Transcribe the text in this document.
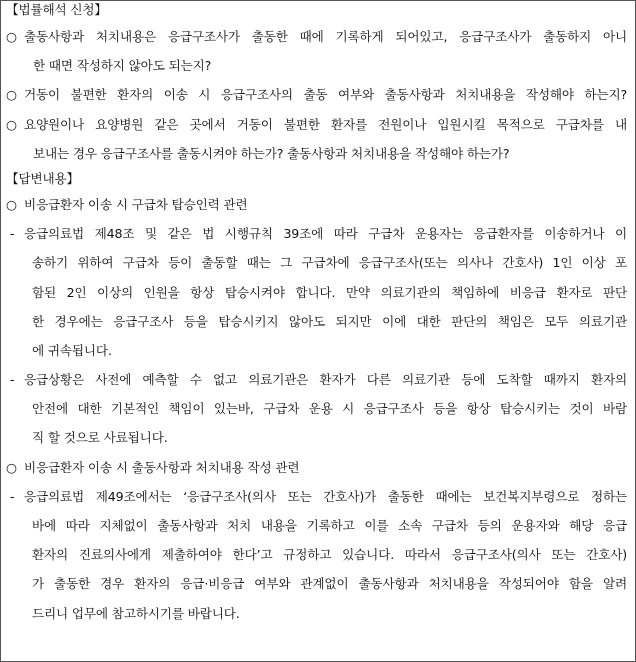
【법률해석 신청】
○ 출동사항과 처치내용은 응급구조사가 출동한 때에 기록하게 되어있고, 응급구조사가 출동하지 아니
한 때면 작성하지 않아도 되는지?
○ 거동이 불편한 환자의 이송 시 응급구조사의 출동 여부와 출동사항과 처치내용을 작성해야 하는지?
○ 요양원이나 요양병원 같은 곳에서 거동이 불편한 환자를 전원이나 입원시킬 목적으로 구급차를 내
보내는 경우 응급구조사를 출동시켜야 하는가? 출동사항과 처치내용을 작성해야 하는가?
【답변내용】
○ 비응급환자 이송 시 구급차 탑승인력 관련
- 응급의료법 제48조 및 같은 법 시행규칙 39조에 따라 구급차 운용자는 응급환자를 이송하거나 이
송하기 위하여 구급차 등이 출동할 때는 그 구급차에 응급구조사(또는 의사나 간호사) 1인 이상 포
함된 2인 이상의 인원을 항상 탑승시켜야 합니다. 만약 의료기관의 책임하에 비응급 환자로 판단
한 경우에는 응급구조사 등을 탑승시키지 않아도 되지만 이에 대한 판단의 책임은 모두 의료기관
에 귀속됩니다.
- 응급상황은 사전에 예측할 수 없고 의료기관은 환자가 다른 의료기관 등에 도착할 때까지 환자의
안전에 대한 기본적인 책임이 있는바, 구급차 운용 시 응급구조사 등을 항상 탑승시키는 것이 바람
직 할 것으로 사료됩니다.
○ 비응급환자 이송 시 출동사항과 처치내용 작성 관련
- 응급의료법 제49조에서는 ‘응급구조사(의사 또는 간호사)가 출동한 때에는 보건복지부령으로 정하는
바에 따라 지체없이 출동사항과 처치 내용을 기록하고 이를 소속 구급차 등의 운용자와 해당 응급
환자의 진료의사에게 제출하여야 한다’고 규정하고 있습니다. 따라서 응급구조사(의사 또는 간호사)
가 출동한 경우 환자의 응급·비응급 여부와 관계없이 출동사항과 처치내용을 작성되어야 함을 알려
드리니 업무에 참고하시기를 바랍니다.
